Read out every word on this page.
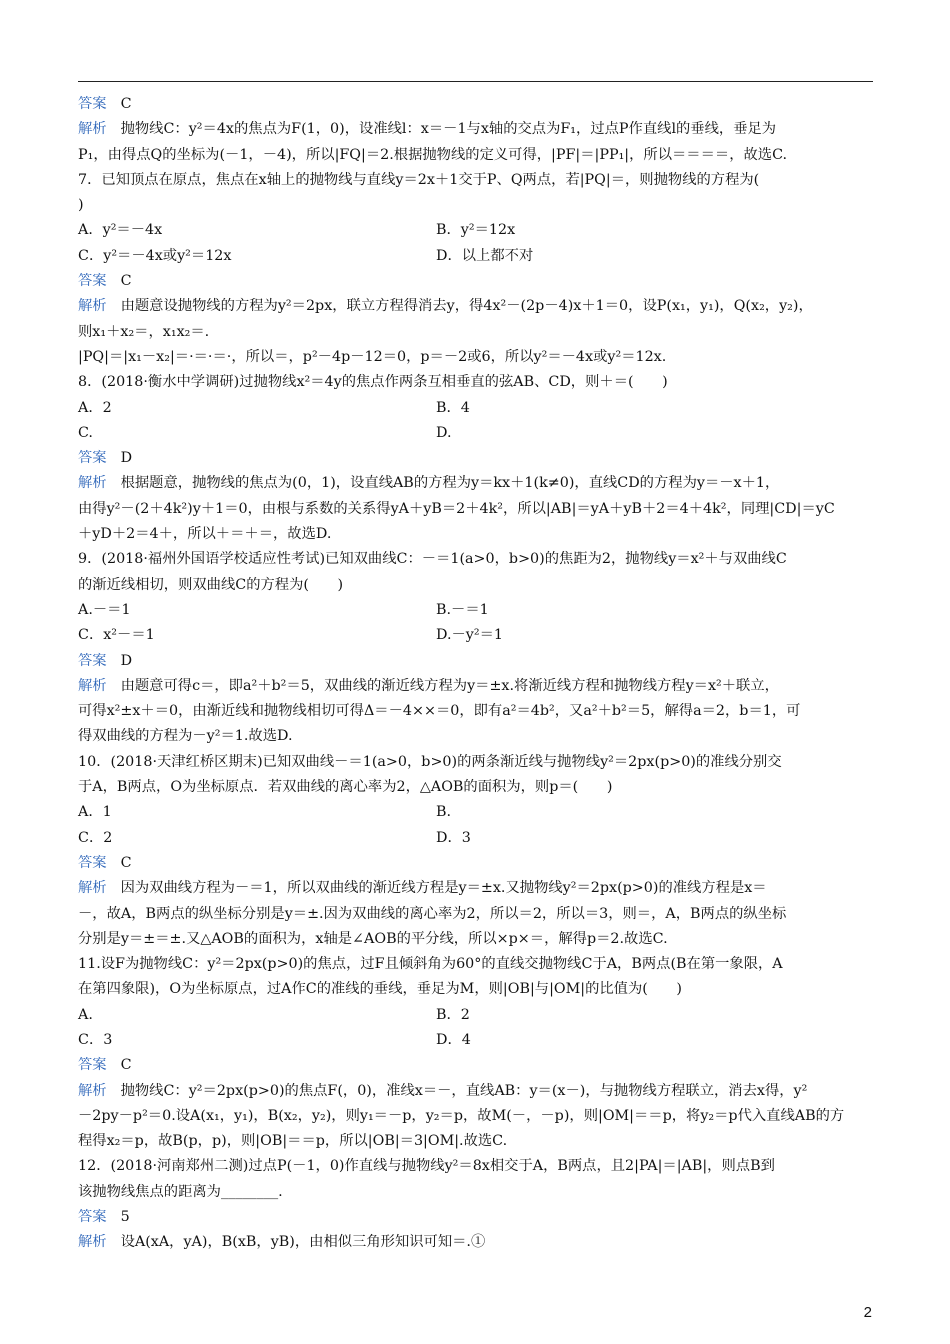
答案 C
解析 抛物线C：y²＝4x的焦点为F(1，0)，设准线l：x＝－1与x轴的交点为F₁，过点P作直线l的垂线，垂足为
P₁，由得点Q的坐标为(－1，－4)，所以|FQ|＝2.根据抛物线的定义可得，|PF|＝|PP₁|，所以＝＝＝＝，故选C.
7．已知顶点在原点，焦点在x轴上的抛物线与直线y＝2x＋1交于P、Q两点，若|PQ|＝，则抛物线的方程为(
)
A．y²＝－4x	B．y²＝12x
C．y²＝－4x或y²＝12x	D．以上都不对
答案 C
解析 由题意设抛物线的方程为y²＝2px，联立方程得消去y，得4x²－(2p－4)x＋1＝0，设P(x₁，y₁)，Q(x₂，y₂)，
则x₁＋x₂＝，x₁x₂＝.
|PQ|＝|x₁－x₂|＝·＝·＝·，所以＝，p²－4p－12＝0，p＝－2或6，所以y²＝－4x或y²＝12x.
8．(2018·衡水中学调研)过抛物线x²＝4y的焦点作两条互相垂直的弦AB、CD，则＋＝(　　)
A．2	B．4
C.	D.
答案 D
解析 根据题意，抛物线的焦点为(0，1)，设直线AB的方程为y＝kx＋1(k≠0)，直线CD的方程为y＝－x＋1，
由得y²－(2＋4k²)y＋1＝0，由根与系数的关系得yA＋yB＝2＋4k²，所以|AB|＝yA＋yB＋2＝4＋4k²，同理|CD|＝yC
＋yD＋2＝4＋，所以＋＝＋＝，故选D.
9．(2018·福州外国语学校适应性考试)已知双曲线C：－＝1(a>0，b>0)的焦距为2，抛物线y＝x²＋与双曲线C
的渐近线相切，则双曲线C的方程为(　　)
A.－＝1	B.－＝1
C．x²－＝1	D.－y²＝1
答案 D
解析 由题意可得c＝，即a²＋b²＝5，双曲线的渐近线方程为y＝±x.将渐近线方程和抛物线方程y＝x²＋联立，
可得x²±x＋＝0，由渐近线和抛物线相切可得Δ＝－4××＝0，即有a²＝4b²，又a²＋b²＝5，解得a＝2，b＝1，可
得双曲线的方程为－y²＝1.故选D.
10．(2018·天津红桥区期末)已知双曲线－＝1(a>0，b>0)的两条渐近线与抛物线y²＝2px(p>0)的准线分别交
于A，B两点，O为坐标原点．若双曲线的离心率为2，△AOB的面积为，则p＝(　　)
A．1	B.
C．2	D．3
答案 C
解析 因为双曲线方程为－＝1，所以双曲线的渐近线方程是y＝±x.又抛物线y²＝2px(p>0)的准线方程是x＝
－，故A，B两点的纵坐标分别是y＝±.因为双曲线的离心率为2，所以＝2，所以＝3，则＝，A，B两点的纵坐标
分别是y＝±＝±.又△AOB的面积为，x轴是∠AOB的平分线，所以×p×＝，解得p＝2.故选C.
11.设F为抛物线C：y²＝2px(p>0)的焦点，过F且倾斜角为60°的直线交抛物线C于A，B两点(B在第一象限，A
在第四象限)，O为坐标原点，过A作C的准线的垂线，垂足为M，则|OB|与|OM|的比值为(　　)
A.	B．2
C．3	D．4
答案 C
解析 抛物线C：y²＝2px(p>0)的焦点F(，0)，准线x＝－，直线AB：y＝(x－)，与抛物线方程联立，消去x得，y²
－2py－p²＝0.设A(x₁，y₁)，B(x₂，y₂)，则y₁＝－p，y₂＝p，故M(－，－p)，则|OM|＝＝p，将y₂＝p代入直线AB的方
程得x₂＝p，故B(p，p)，则|OB|＝＝p，所以|OB|＝3|OM|.故选C.
12．(2018·河南郑州二测)过点P(－1，0)作直线与抛物线y²＝8x相交于A，B两点，且2|PA|＝|AB|，则点B到
该抛物线焦点的距离为________.
答案 5
解析 设A(xA，yA)，B(xB，yB)，由相似三角形知识可知＝.①
2
